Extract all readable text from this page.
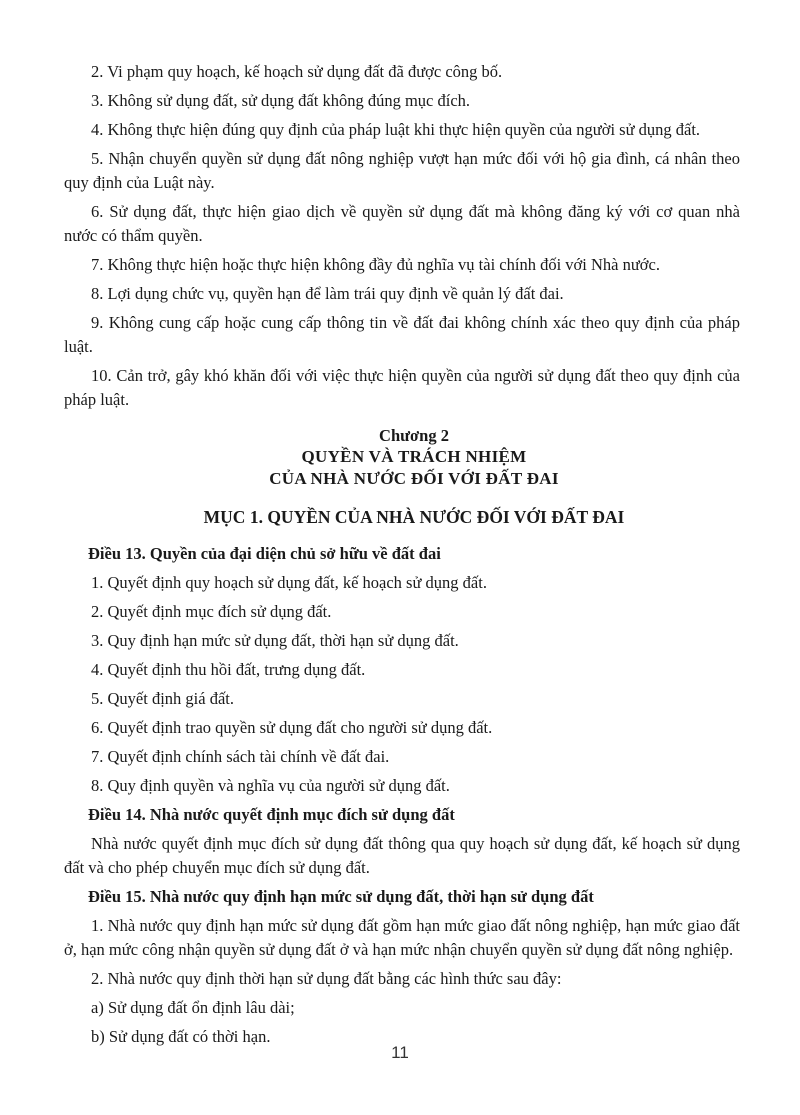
2. Vi phạm quy hoạch, kế hoạch sử dụng đất đã được công bố.

3. Không sử dụng đất, sử dụng đất không đúng mục đích.

4. Không thực hiện đúng quy định của pháp luật khi thực hiện quyền của người sử dụng đất.

5. Nhận chuyển quyền sử dụng đất nông nghiệp vượt hạn mức đối với hộ gia đình, cá nhân theo quy định của Luật này.

6. Sử dụng đất, thực hiện giao dịch về quyền sử dụng đất mà không đăng ký với cơ quan nhà nước có thẩm quyền.

7. Không thực hiện hoặc thực hiện không đầy đủ nghĩa vụ tài chính đối với Nhà nước.

8. Lợi dụng chức vụ, quyền hạn để làm trái quy định về quản lý đất đai.

9. Không cung cấp hoặc cung cấp thông tin về đất đai không chính xác theo quy định của pháp luật.

10. Cản trở, gây khó khăn đối với việc thực hiện quyền của người sử dụng đất theo quy định của pháp luật.

Chương 2
QUYỀN VÀ TRÁCH NHIỆM
CỦA NHÀ NƯỚC ĐỐI VỚI ĐẤT ĐAI
MỤC 1. QUYỀN CỦA NHÀ NƯỚC ĐỐI VỚI ĐẤT ĐAI
Điều 13. Quyền của đại diện chủ sở hữu về đất đai

1. Quyết định quy hoạch sử dụng đất, kế hoạch sử dụng đất.

2. Quyết định mục đích sử dụng đất.

3. Quy định hạn mức sử dụng đất, thời hạn sử dụng đất.

4. Quyết định thu hồi đất, trưng dụng đất.

5. Quyết định giá đất.

6. Quyết định trao quyền sử dụng đất cho người sử dụng đất.

7. Quyết định chính sách tài chính về đất đai.

8. Quy định quyền và nghĩa vụ của người sử dụng đất.

Điều 14. Nhà nước quyết định mục đích sử dụng đất

Nhà nước quyết định mục đích sử dụng đất thông qua quy hoạch sử dụng đất, kế hoạch sử dụng đất và cho phép chuyển mục đích sử dụng đất.

Điều 15. Nhà nước quy định hạn mức sử dụng đất, thời hạn sử dụng đất

1. Nhà nước quy định hạn mức sử dụng đất gồm hạn mức giao đất nông nghiệp, hạn mức giao đất ở, hạn mức công nhận quyền sử dụng đất ở và hạn mức nhận chuyển quyền sử dụng đất nông nghiệp.

2. Nhà nước quy định thời hạn sử dụng đất bằng các hình thức sau đây:

a) Sử dụng đất ổn định lâu dài;

b) Sử dụng đất có thời hạn.

11
